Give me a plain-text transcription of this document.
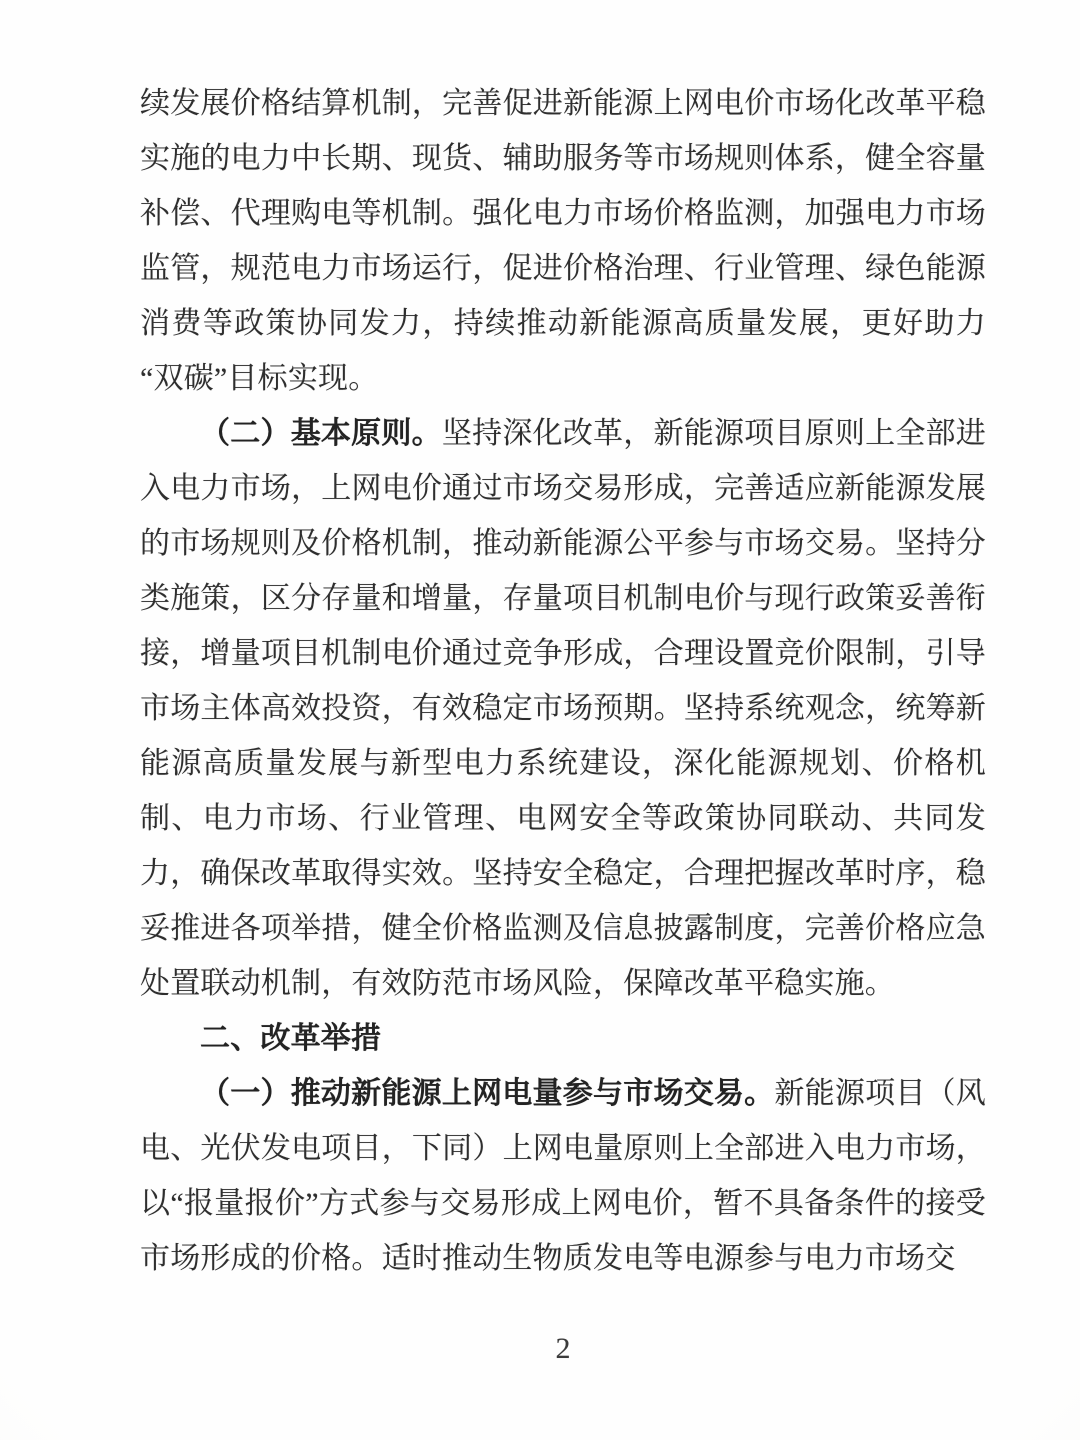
续发展价格结算机制，完善促进新能源上网电价市场化改革平稳实施的电力中长期、现货、辅助服务等市场规则体系，健全容量补偿、代理购电等机制。强化电力市场价格监测，加强电力市场监管，规范电力市场运行，促进价格治理、行业管理、绿色能源消费等政策协同发力，持续推动新能源高质量发展，更好助力“双碳”目标实现。

（二）基本原则。坚持深化改革，新能源项目原则上全部进入电力市场，上网电价通过市场交易形成，完善适应新能源发展的市场规则及价格机制，推动新能源公平参与市场交易。坚持分类施策，区分存量和增量，存量项目机制电价与现行政策妥善衔接，增量项目机制电价通过竞争形成，合理设置竞价限制，引导市场主体高效投资，有效稳定市场预期。坚持系统观念，统筹新能源高质量发展与新型电力系统建设，深化能源规划、价格机制、电力市场、行业管理、电网安全等政策协同联动、共同发力，确保改革取得实效。坚持安全稳定，合理把握改革时序，稳妥推进各项举措，健全价格监测及信息披露制度，完善价格应急处置联动机制，有效防范市场风险，保障改革平稳实施。

二、改革举措

（一）推动新能源上网电量参与市场交易。新能源项目（风电、光伏发电项目，下同）上网电量原则上全部进入电力市场，以“报量报价”方式参与交易形成上网电价，暂不具备条件的接受市场形成的价格。适时推动生物质发电等电源参与电力市场交

2
